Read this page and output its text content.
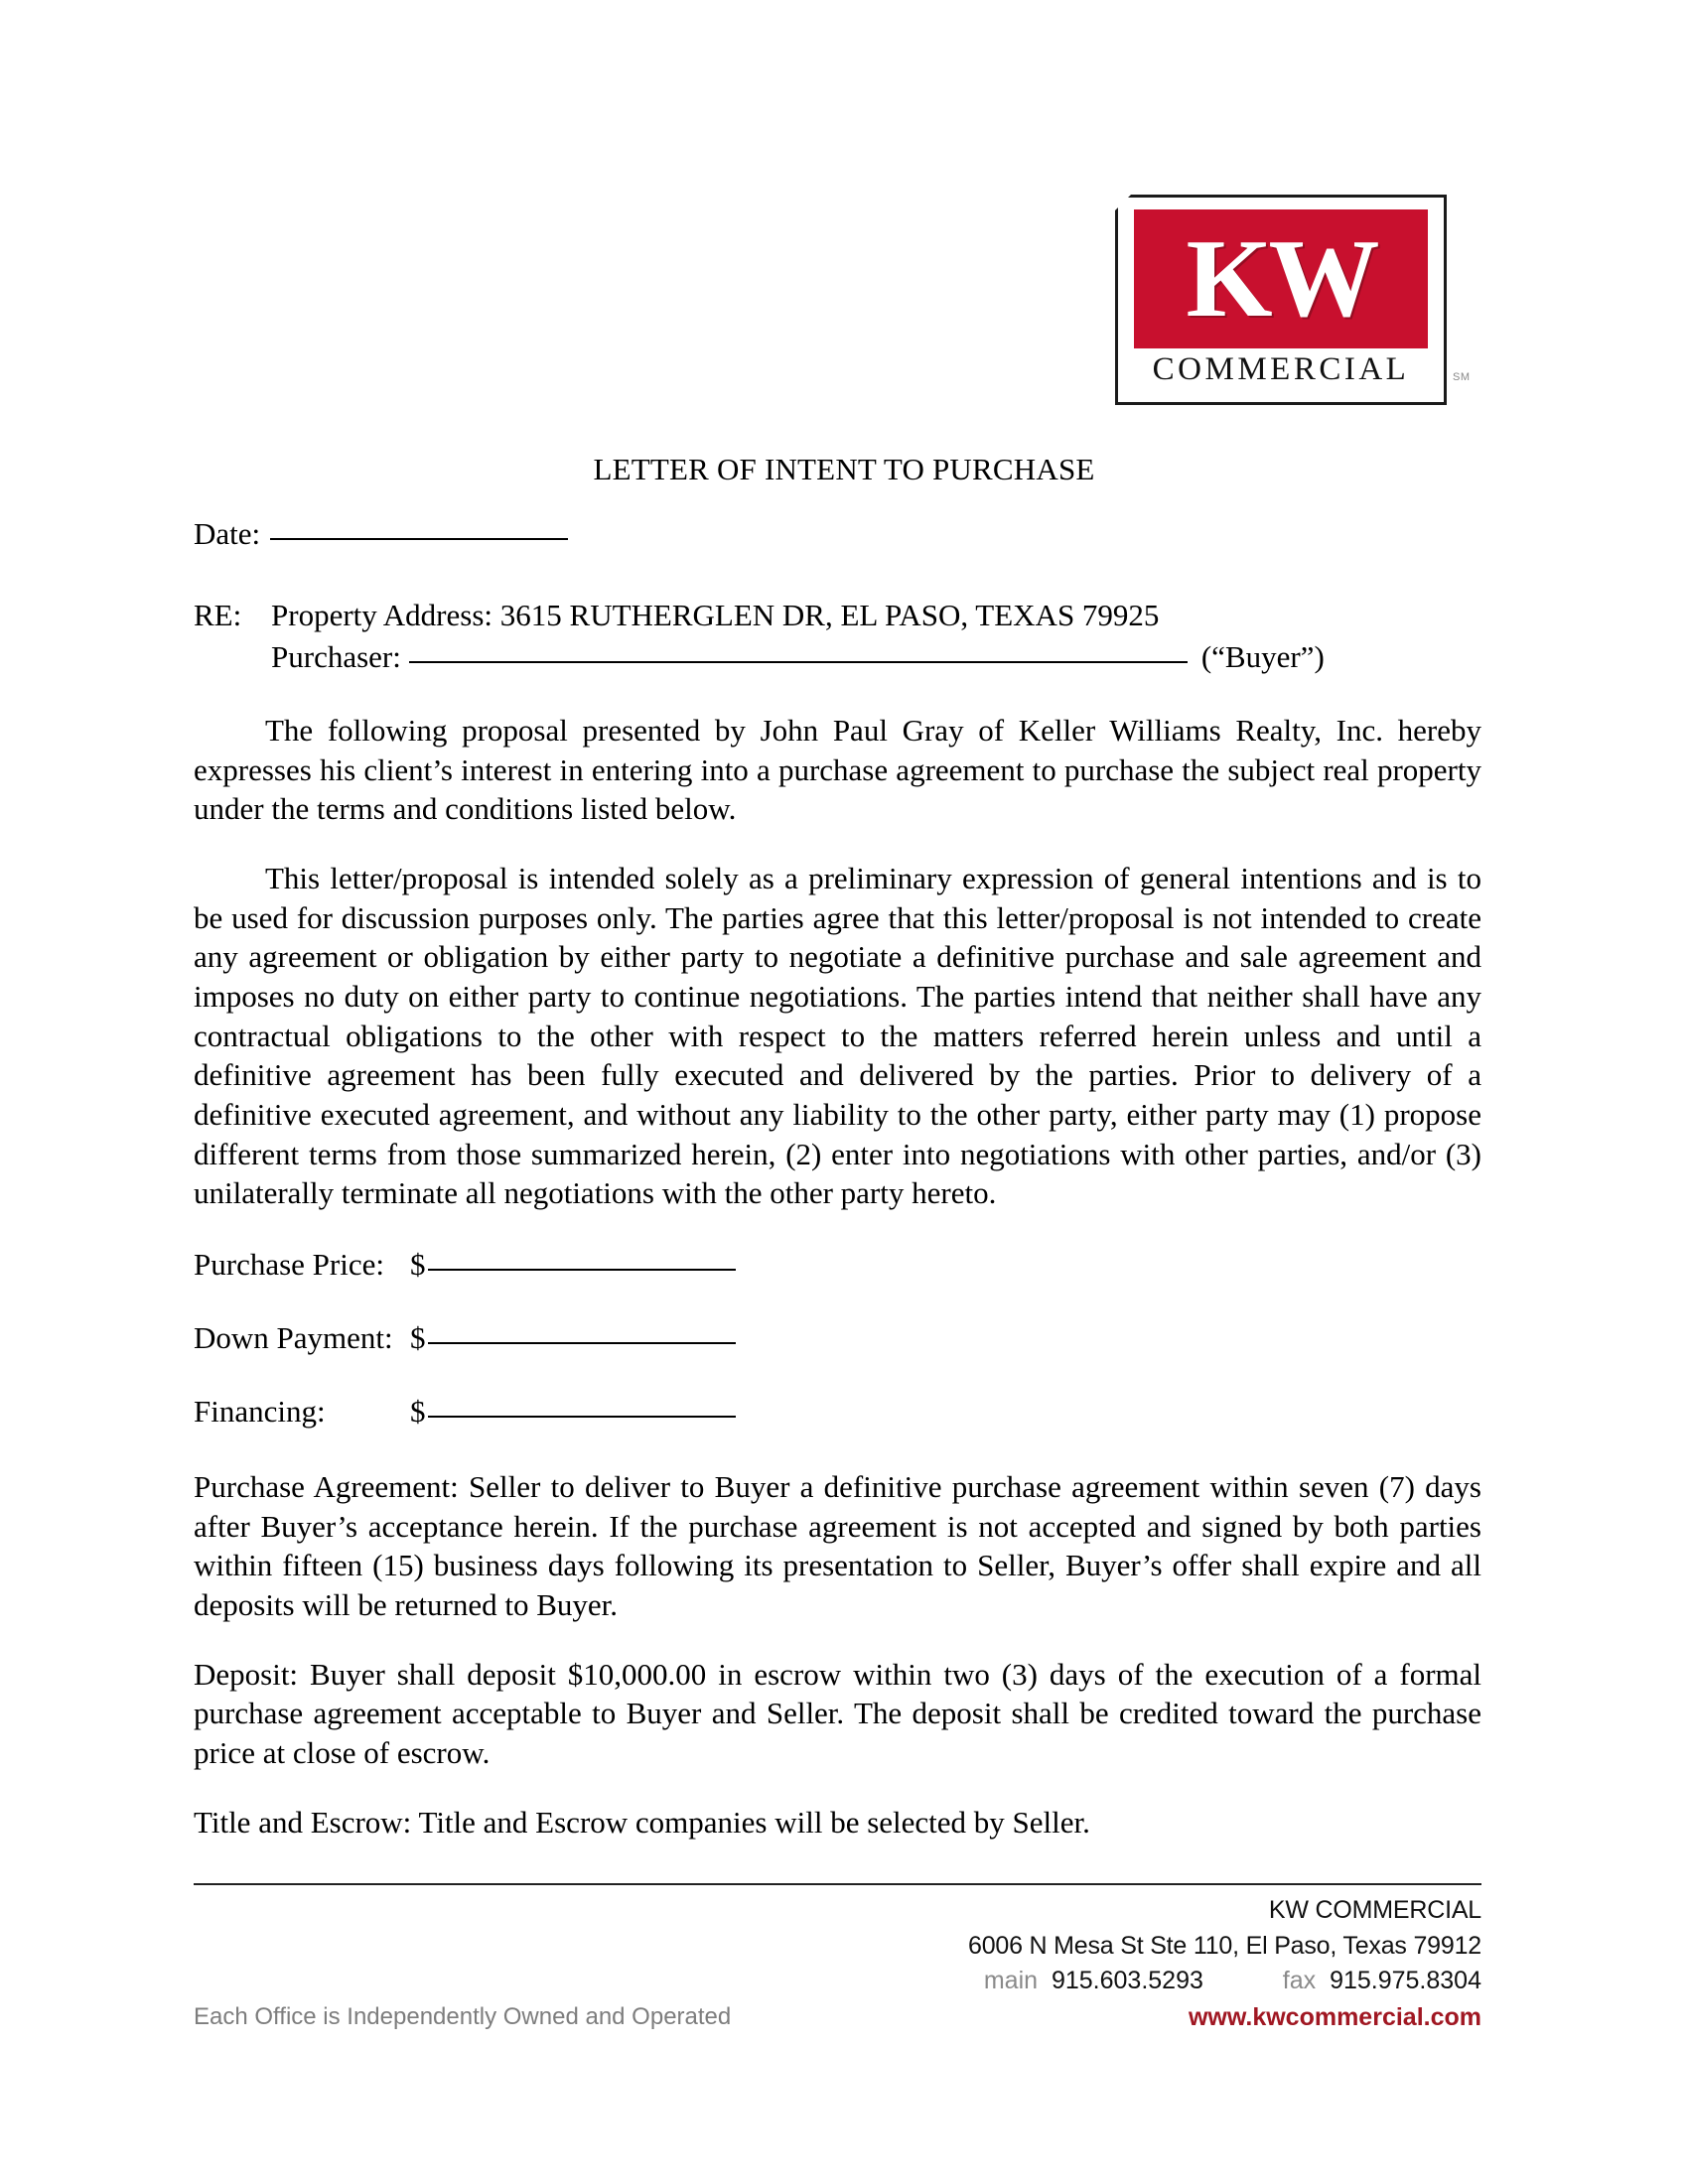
KW
COMMERCIAL	SM
LETTER OF INTENT TO PURCHASE
Date:
RE: Property Address:
3615 RUTHERGLEN DR, EL PASO, TEXAS 79925
Purchaser:	(“Buyer”)

The following proposal presented by John Paul Gray of Keller Williams Realty, Inc. hereby expresses his client’s interest in entering into a purchase agreement to purchase the subject real property under the terms and conditions listed below.

This letter/proposal is intended solely as a preliminary expression of general intentions and is to be used for discussion purposes only. The parties agree that this letter/proposal is not intended to create any agreement or obligation by either party to negotiate a definitive purchase and sale agreement and imposes no duty on either party to continue negotiations. The parties intend that neither shall have any contractual obligations to the other with respect to the matters referred herein unless and until a definitive agreement has been fully executed and delivered by the parties. Prior to delivery of a definitive executed agreement, and without any liability to the other party, either party may (1) propose different terms from those summarized herein, (2) enter into negotiations with other parties, and/or (3) unilaterally terminate all negotiations with the other party hereto.

Purchase Price: $
Down Payment: $
Financing:	$

Purchase Agreement: Seller to deliver to Buyer a definitive purchase agreement within seven (7) days after Buyer’s acceptance herein. If the purchase agreement is not accepted and signed by both parties within fifteen (15) business days following its presentation to Seller, Buyer’s offer shall expire and all deposits will be returned to Buyer.

Deposit: Buyer shall deposit $10,000.00 in escrow within two (3) days of the execution of a formal purchase agreement acceptable to Buyer and Seller. The deposit shall be credited toward the purchase price at close of escrow.

Title and Escrow: Title and Escrow companies will be selected by Seller.

KW COMMERCIAL
6006 N Mesa St Ste 110, El Paso, Texas 79912
main 915.603.5293	fax 915.975.8304
Each Office is Independently Owned and Operated	www.kwcommercial.com
